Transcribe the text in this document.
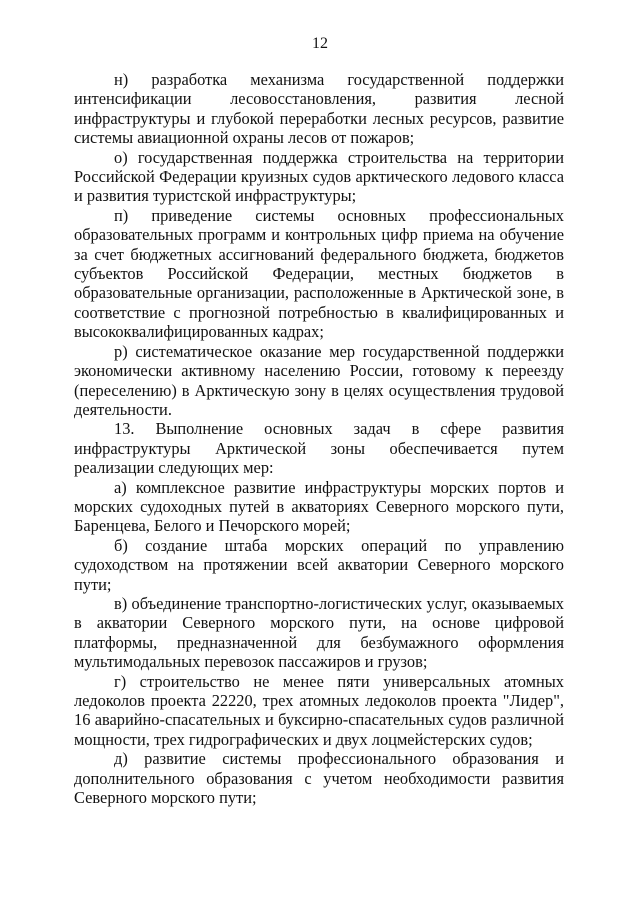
12

н) разработка механизма государственной поддержки интенсификации лесовосстановления, развития лесной инфраструктуры и глубокой переработки лесных ресурсов, развитие системы авиационной охраны лесов от пожаров;

о) государственная поддержка строительства на территории Российской Федерации круизных судов арктического ледового класса и развития туристской инфраструктуры;

п) приведение системы основных профессиональных образовательных программ и контрольных цифр приема на обучение за счет бюджетных ассигнований федерального бюджета, бюджетов субъектов Российской Федерации, местных бюджетов в образовательные организации, расположенные в Арктической зоне, в соответствие с прогнозной потребностью в квалифицированных и высококвалифицированных кадрах;

р) систематическое оказание мер государственной поддержки экономически активному населению России, готовому к переезду (переселению) в Арктическую зону в целях осуществления трудовой деятельности.

13. Выполнение основных задач в сфере развития инфраструктуры Арктической зоны обеспечивается путем реализации следующих мер:

а) комплексное развитие инфраструктуры морских портов и морских судоходных путей в акваториях Северного морского пути, Баренцева, Белого и Печорского морей;

б) создание штаба морских операций по управлению судоходством на протяжении всей акватории Северного морского пути;

в) объединение транспортно-логистических услуг, оказываемых в акватории Северного морского пути, на основе цифровой платформы, предназначенной для безбумажного оформления мультимодальных перевозок пассажиров и грузов;

г) строительство не менее пяти универсальных атомных ледоколов проекта 22220, трех атомных ледоколов проекта "Лидер", 16 аварийно-спасательных и буксирно-спасательных судов различной мощности, трех гидрографических и двух лоцмейстерских судов;

д) развитие системы профессионального образования и дополнительного образования с учетом необходимости развития Северного морского пути;
